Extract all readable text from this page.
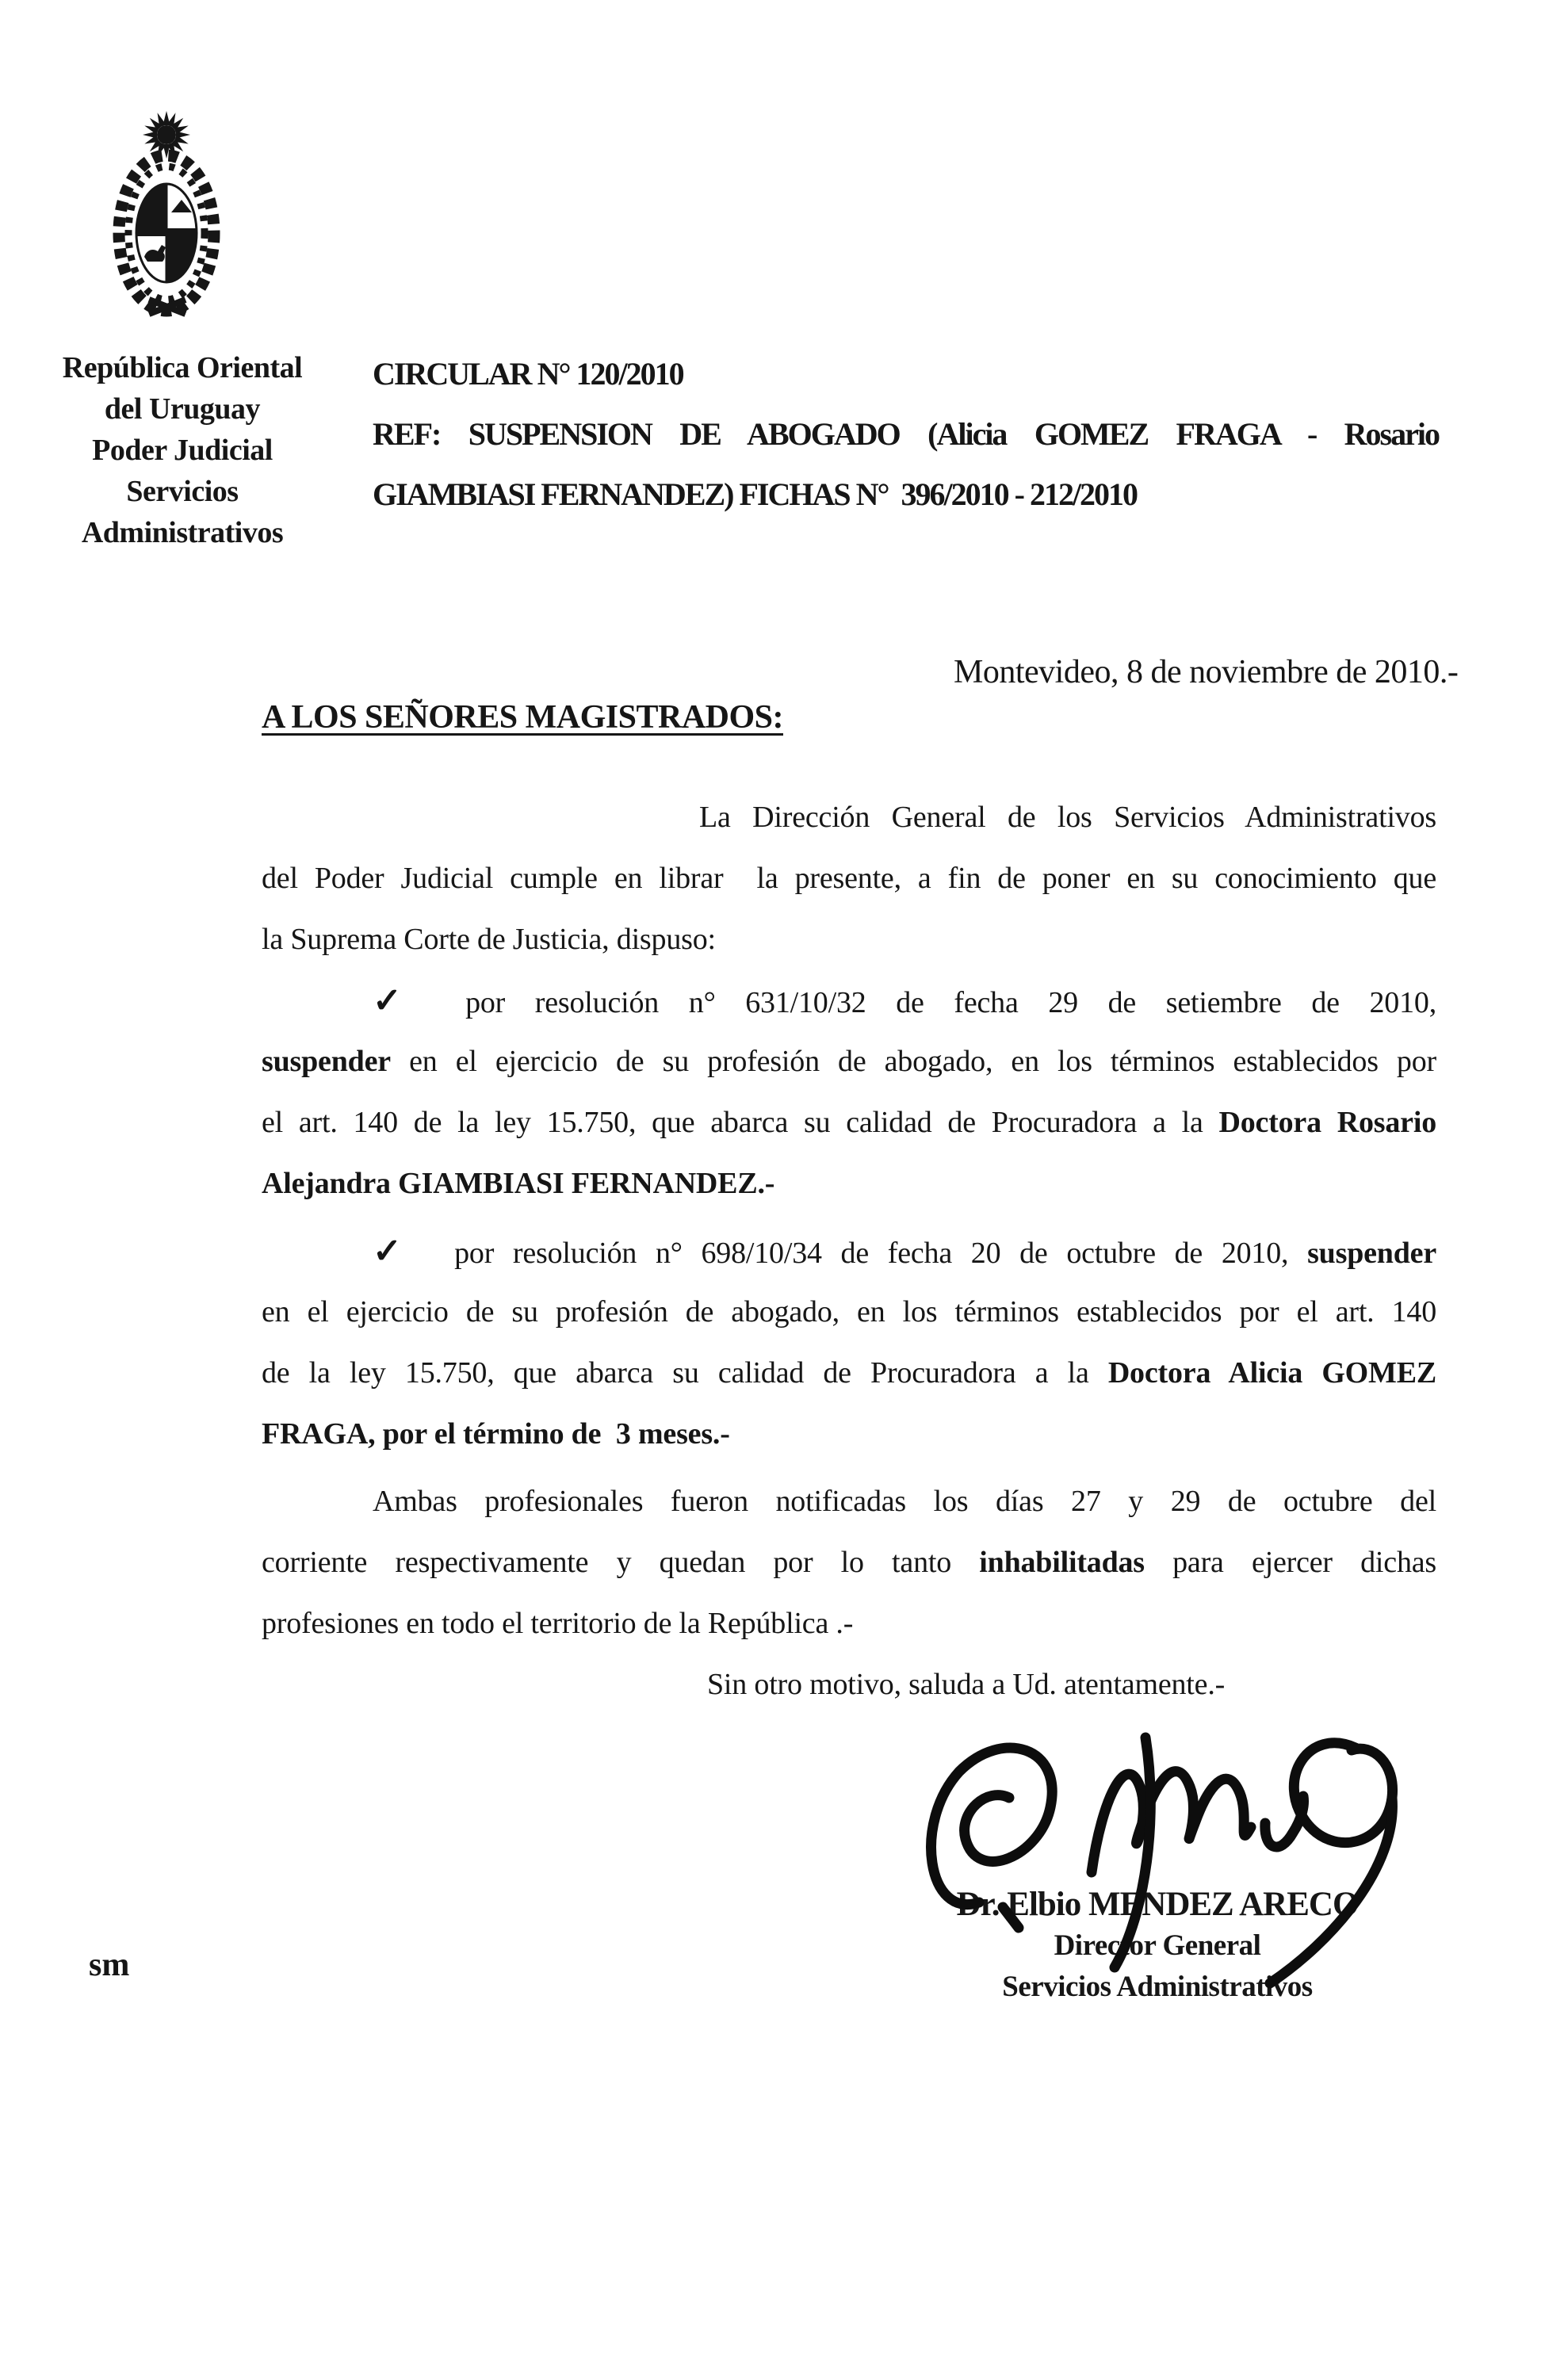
República Oriental
del Uruguay
Poder Judicial
Servicios
Administrativos
CIRCULAR N° 120/2010
REF: SUSPENSION DE ABOGADO (Alicia GOMEZ FRAGA - Rosario
GIAMBIASI FERNANDEZ) FICHAS N°  396/2010 - 212/2010
Montevideo, 8 de noviembre de 2010.-
A LOS SEÑORES MAGISTRADOS:
La Dirección General de los Servicios Administrativos
del Poder Judicial cumple en librar  la presente, a fin de poner en su conocimiento que
la Suprema Corte de Justicia, dispuso:
✓ por resolución n° 631/10/32 de fecha 29 de setiembre de 2010,
suspender en el ejercicio de su profesión de abogado, en los términos establecidos por
el art. 140 de la ley 15.750, que abarca su calidad de Procuradora a la Doctora Rosario
Alejandra GIAMBIASI FERNANDEZ.-
✓ por resolución n° 698/10/34 de fecha 20 de octubre de 2010, suspender
en el ejercicio de su profesión de abogado, en los términos establecidos por el art. 140
de la ley 15.750, que abarca su calidad de Procuradora a la Doctora Alicia GOMEZ
FRAGA, por el término de  3 meses.-
Ambas profesionales fueron notificadas los días 27 y 29 de octubre del
corriente respectivamente y quedan por lo tanto inhabilitadas para ejercer dichas
profesiones en todo el territorio de la República .-
Sin otro motivo, saluda a Ud. atentamente.-
Dr. Elbio MENDEZ ARECO
Director General
Servicios Administrativos
sm
